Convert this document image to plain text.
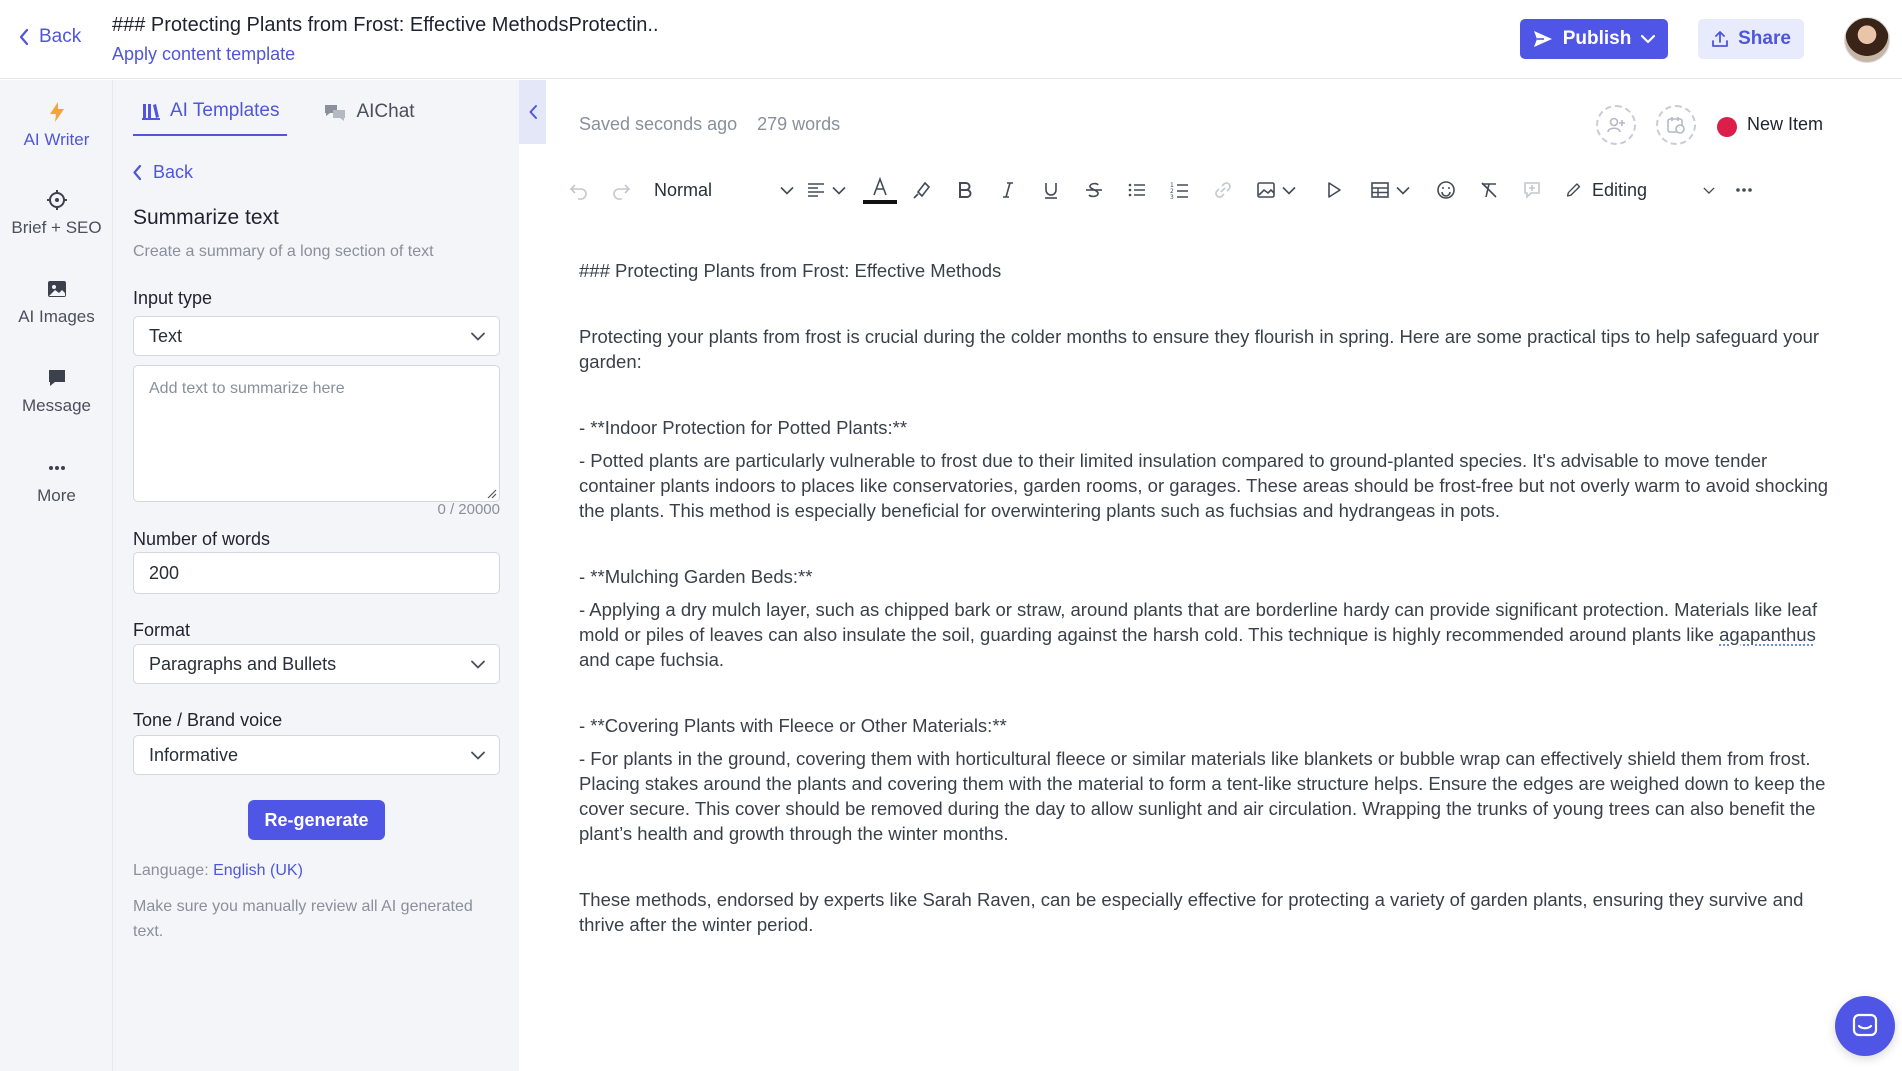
Back
### Protecting Plants from Frost: Effective MethodsProtectin..
Apply content template
Publish	Share
AI Writer
Brief + SEO
AI Images
Message
More
AI Templates	AIChat
Back
Summarize text
Create a summary of a long section of text
Input type
Text
Add text to summarize here
0 / 20000
Number of words
200
Format
Paragraphs and Bullets
Tone / Brand voice
Informative
Re-generate
Language: English (UK)
Make sure you manually review all AI generated text.
Saved seconds ago 279 words	New Item
Normal	1
2
3	Editing

### Protecting Plants from Frost: Effective Methods

Protecting your plants from frost is crucial during the colder months to ensure they flourish in spring. Here are some practical tips to help safeguard your garden:

- **Indoor Protection for Potted Plants:**

- Potted plants are particularly vulnerable to frost due to their limited insulation compared to ground-planted species. It's advisable to move tender container plants indoors to places like conservatories, garden rooms, or garages. These areas should be frost-free but not overly warm to avoid shocking the plants. This method is especially beneficial for overwintering plants such as fuchsias and hydrangeas in pots.

- **Mulching Garden Beds:**

- Applying a dry mulch layer, such as chipped bark or straw, around plants that are borderline hardy can provide significant protection. Materials like leaf mold or piles of leaves can also insulate the soil, guarding against the harsh cold. This technique is highly recommended around plants like agapanthus and cape fuchsia.

- **Covering Plants with Fleece or Other Materials:**

- For plants in the ground, covering them with horticultural fleece or similar materials like blankets or bubble wrap can effectively shield them from frost. Placing stakes around the plants and covering them with the material to form a tent-like structure helps. Ensure the edges are weighed down to keep the cover secure. This cover should be removed during the day to allow sunlight and air circulation. Wrapping the trunks of young trees can also benefit the plant’s health and growth through the winter months.

These methods, endorsed by experts like Sarah Raven, can be especially effective for protecting a variety of garden plants, ensuring they survive and thrive after the winter period.
